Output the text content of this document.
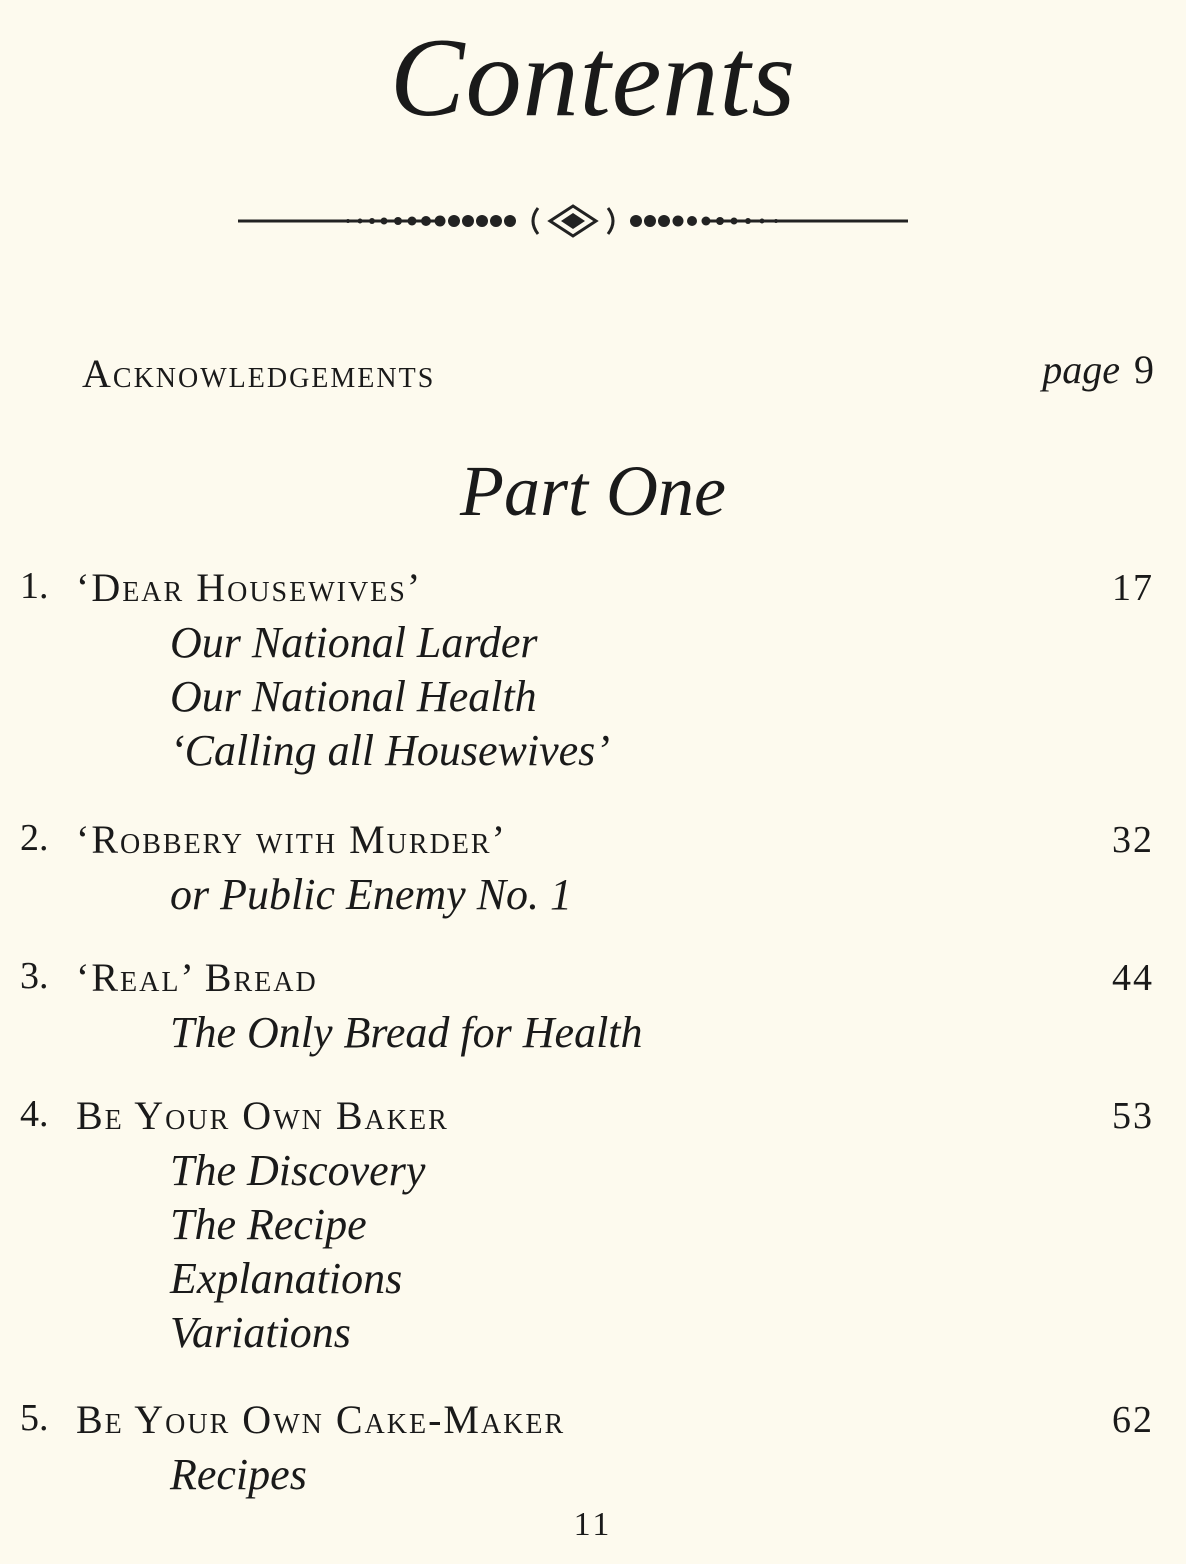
Contents
Acknowledgements	page 9
Part One
1. ‘Dear Housewives’	17
Our National Larder
Our National Health
‘Calling all Housewives’
2. ‘Robbery with Murder’	32
or Public Enemy No. 1
3. ‘Real’ Bread	44
The Only Bread for Health
4. Be Your Own Baker	53
The Discovery
The Recipe
Explanations
Variations
5. Be Your Own Cake-Maker	62
Recipes
11
